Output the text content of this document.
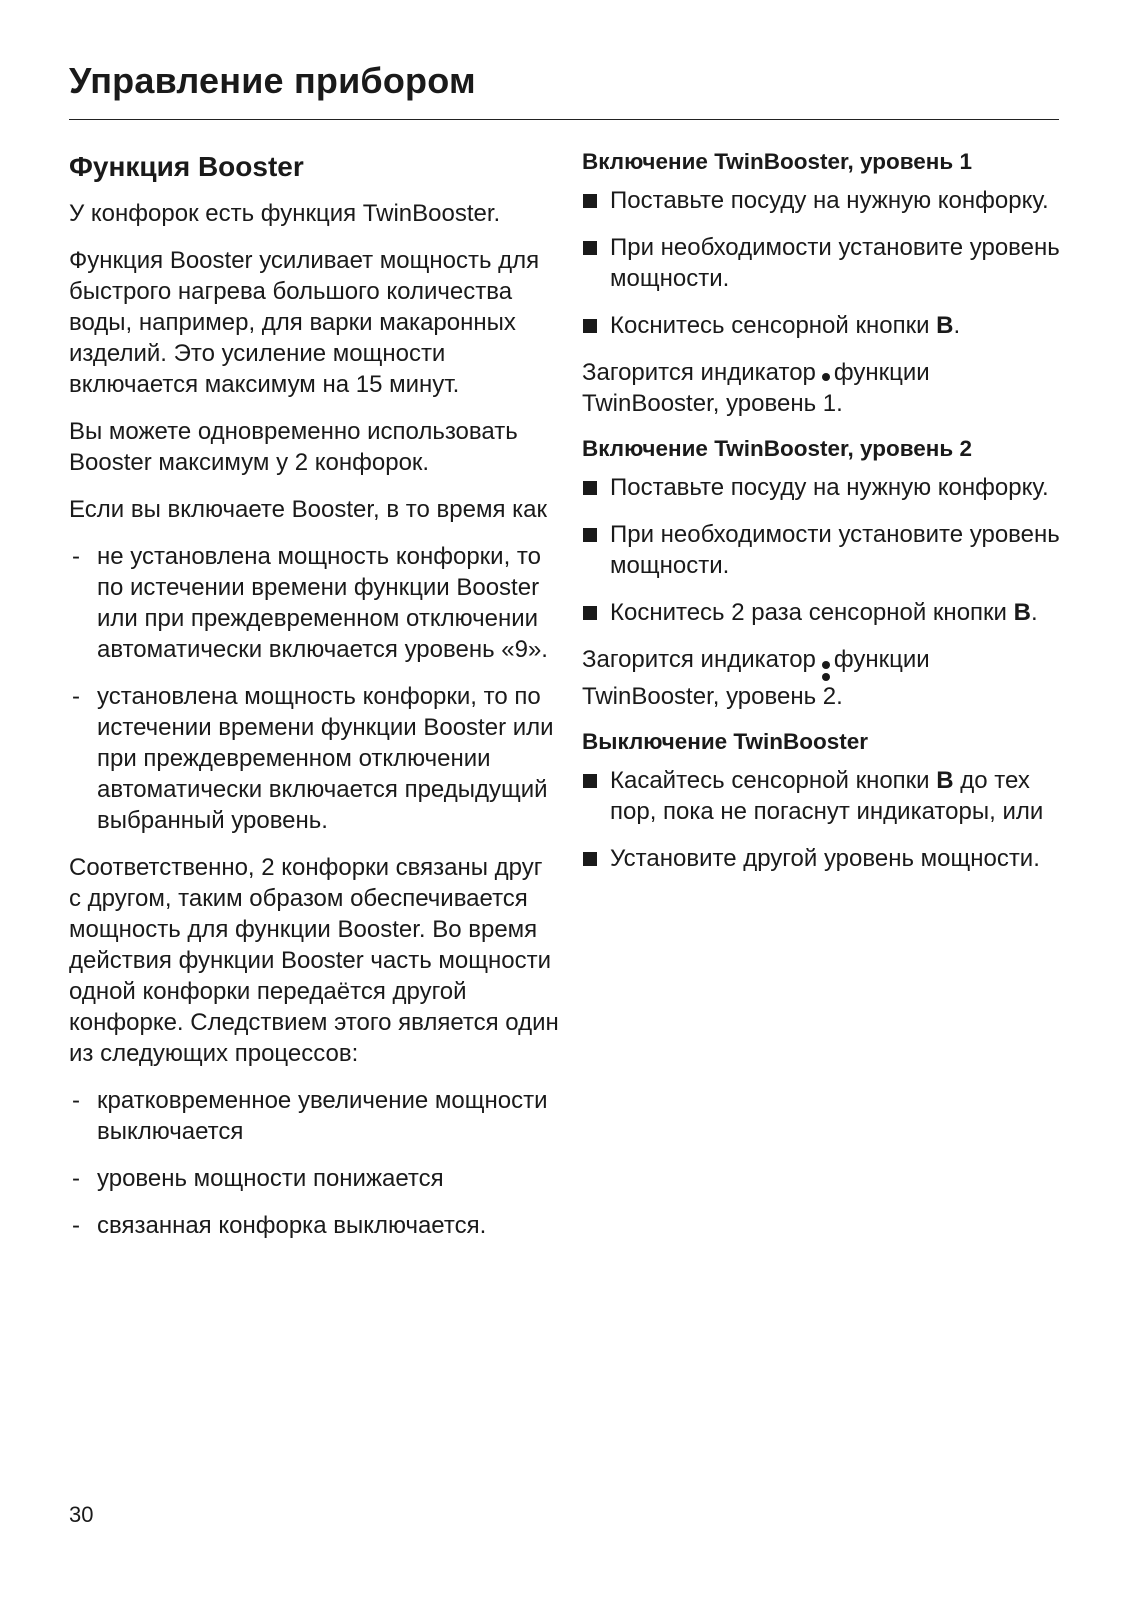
Управление прибором
Функция Booster

У конфорок есть функция TwinBooster.

Функция Booster усиливает мощность для быстрого нагрева большого количества воды, например, для варки макаронных изделий. Это усиление мощности включается максимум на 15 минут.

Вы можете одновременно использовать Booster максимум у 2 конфорок.

Если вы включаете Booster, в то время как

- не установлена мощность конфорки, то по истечении времени функции Booster или при преждевременном отключении автоматически включается уровень «9».
- установлена мощность конфорки, то по истечении времени функции Booster или при преждевременном отключении автоматически включается предыдущий выбранный уровень.

Соответственно, 2 конфорки связаны друг с другом, таким образом обеспечивается мощность для функции Booster. Во время действия функции Booster часть мощности одной конфорки передаётся другой конфорке. Следствием этого является один из следующих процессов:

- кратковременное увеличение мощности выключается
- уровень мощности понижается
- связанная конфорка выключается.
Включение TwinBooster, уровень 1
Поставьте посуду на нужную конфорку.
При необходимости установите уровень мощности.
Коснитесь сенсорной кнопки B.

Загорится индикатор функции TwinBooster, уровень 1.

Включение TwinBooster, уровень 2
Поставьте посуду на нужную конфорку.
При необходимости установите уровень мощности.
Коснитесь 2 раза сенсорной кнопки B.

Загорится индикатор функции TwinBooster, уровень 2.

Выключение TwinBooster
Касайтесь сенсорной кнопки B до тех пор, пока не погаснут индикаторы, или
Установите другой уровень мощности.
30
